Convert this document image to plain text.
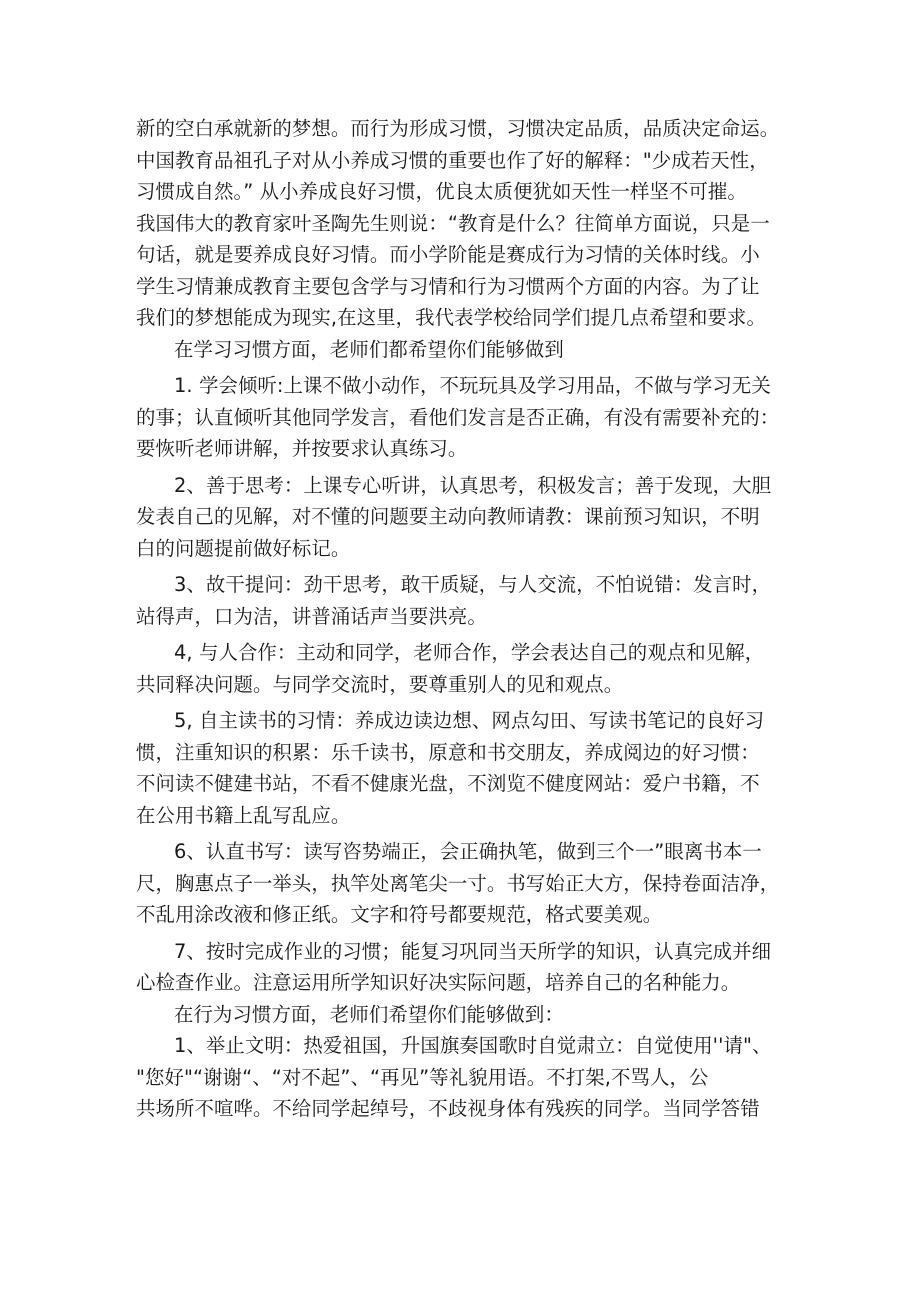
新的空白承就新的梦想。而行为形成习惯，习惯决定品质，品质决定命运。
中国教育品祖孔子对从小养成习惯的重要也作了好的解释："少成若天性，
习惯成自然。” 从小养成良好习惯，优良太质便犹如天性一样坚不可摧。
我国伟大的教育家叶圣陶先生则说：“教育是什么？往简单方面说，只是一
句话，就是要养成良好习情。而小学阶能是赛成行为习情的关体时线。小
学生习情兼成教育主要包含学与习情和行为习惯两个方面的内容。为了让
我们的梦想能成为现实,在这里，我代表学校给同学们提几点希望和要求。
在学习习惯方面，老师们都希望你们能够做到
1. 学会倾听:上课不做小动作，不玩玩具及学习用品，不做与学习无关
的事；认直倾听其他同学发言，看他们发言是否正确，有没有需要补充的：
要恢听老师讲解，并按要求认真练习。
2、善于思考：上课专心听讲，认真思考，积极发言；善于发现，大胆
发表自己的见解，对不懂的问题要主动向教师请教：课前预习知识，不明
白的问题提前做好标记。
3、故干提问：劲干思考，敢干质疑，与人交流，不怕说错：发言时，
站得声，口为洁，讲普涌话声当要洪亮。
4, 与人合作：主动和同学，老师合作，学会表达自己的观点和见解，
共同释决问题。与同学交流时，要尊重别人的见和观点。
5, 自主读书的习情：养成边读边想、网点勾田、写读书笔记的良好习
惯，注重知识的积累：乐千读书，原意和书交朋友，养成阅边的好习惯：
不问读不健建书站，不看不健康光盘，不浏览不健度网站：爱户书籍，不
在公用书籍上乱写乱应。
6、认直书写：读写咨势端正，会正确执笔，做到三个一”眼离书本一
尺，胸惠点子一举头，执竿处离笔尖一寸。书写始正大方，保持卷面洁净，
不乱用涂改液和修正纸。文字和符号都要规范，格式要美观。
7、按时完成作业的习惯；能复习巩同当天所学的知识，认真完成并细
心检查作业。注意运用所学知识好决实际问题，培养自己的名种能力。
在行为习惯方面，老师们希望你们能够做到：
1、举止文明：热爱祖国，升国旗奏国歌时自觉肃立：自觉使用''请"、
"您好"“谢谢“、“对不起”、“再见”等礼貌用语。不打架,不骂人，公
共场所不喧哗。不给同学起绰号，不歧视身体有残疾的同学。当同学答错
